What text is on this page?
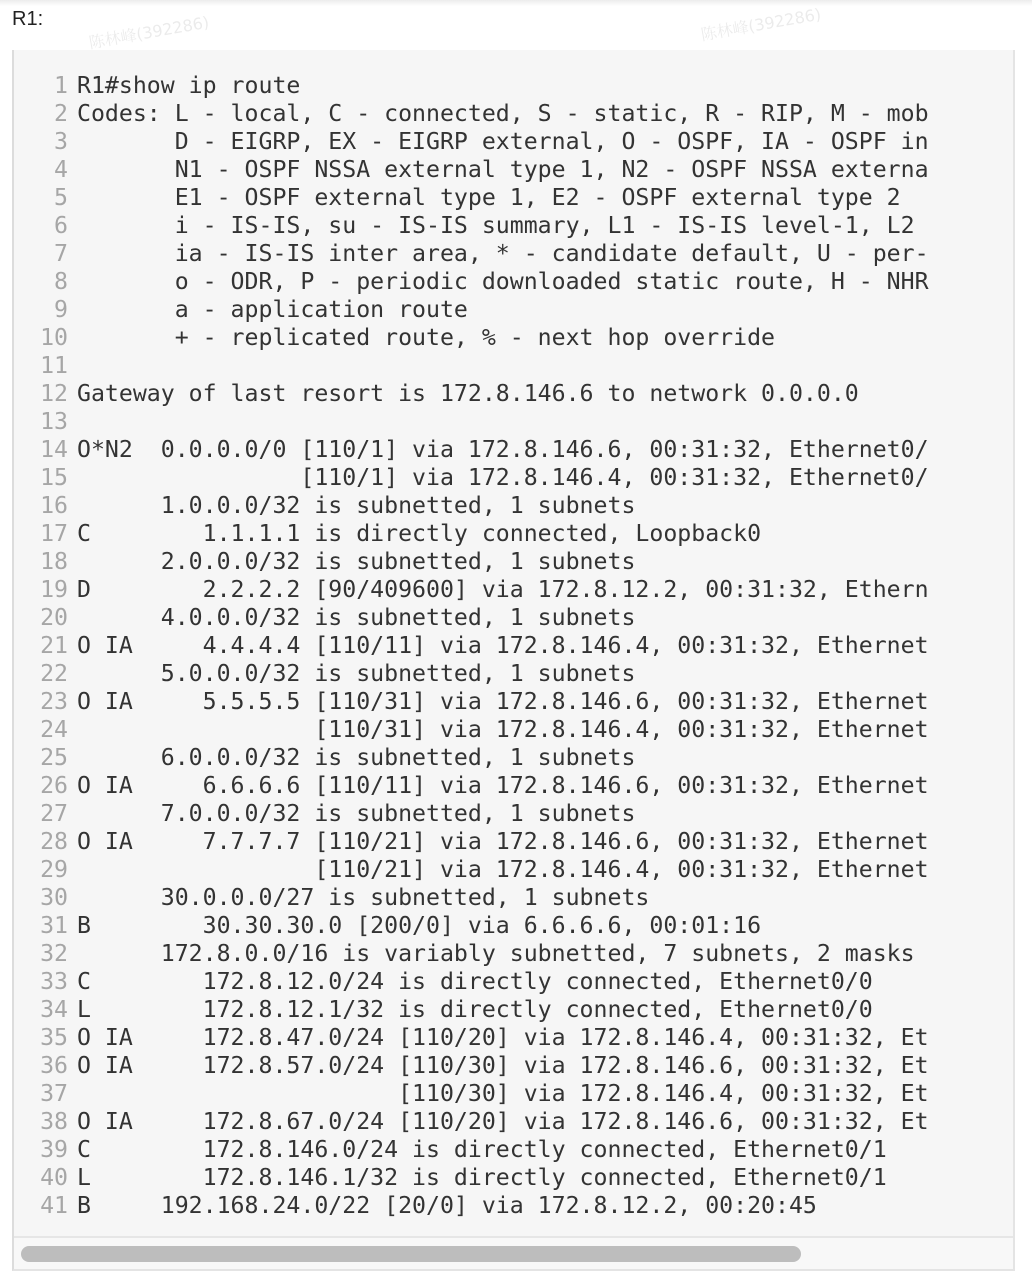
R1:	陈林峰(392286)	陈林峰(392286)
1 R1#show ip route
2 Codes: L - local, C - connected, S - static, R - RIP, M - mob
3 D - EIGRP, EX - EIGRP external, O - OSPF, IA - OSPF in
4 N1 - OSPF NSSA external type 1, N2 - OSPF NSSA externa
5 E1 - OSPF external type 1, E2 - OSPF external type 2
6 i - IS-IS, su - IS-IS summary, L1 - IS-IS level-1, L2
7 ia - IS-IS inter area, * - candidate default, U - per-
8 o - ODR, P - periodic downloaded static route, H - NHR
9 a - application route
10 + - replicated route, % - next hop override
11
12 Gateway of last resort is 172.8.146.6 to network 0.0.0.0
13
14 O*N2  0.0.0.0/0 [110/1] via 172.8.146.6, 00:31:32, Ethernet0/
15 [110/1] via 172.8.146.4, 00:31:32, Ethernet0/
16 1.0.0.0/32 is subnetted, 1 subnets
17 C        1.1.1.1 is directly connected, Loopback0
18 2.0.0.0/32 is subnetted, 1 subnets
19 D        2.2.2.2 [90/409600] via 172.8.12.2, 00:31:32, Ethern
20 4.0.0.0/32 is subnetted, 1 subnets
21 O IA     4.4.4.4 [110/11] via 172.8.146.4, 00:31:32, Ethernet
22 5.0.0.0/32 is subnetted, 1 subnets
23 O IA     5.5.5.5 [110/31] via 172.8.146.6, 00:31:32, Ethernet
24 [110/31] via 172.8.146.4, 00:31:32, Ethernet
25 6.0.0.0/32 is subnetted, 1 subnets
26 O IA     6.6.6.6 [110/11] via 172.8.146.6, 00:31:32, Ethernet
27 7.0.0.0/32 is subnetted, 1 subnets
28 O IA     7.7.7.7 [110/21] via 172.8.146.6, 00:31:32, Ethernet
29 [110/21] via 172.8.146.4, 00:31:32, Ethernet
30 30.0.0.0/27 is subnetted, 1 subnets
31 B        30.30.30.0 [200/0] via 6.6.6.6, 00:01:16
32 172.8.0.0/16 is variably subnetted, 7 subnets, 2 masks
33 C        172.8.12.0/24 is directly connected, Ethernet0/0
34 L        172.8.12.1/32 is directly connected, Ethernet0/0
35 O IA     172.8.47.0/24 [110/20] via 172.8.146.4, 00:31:32, Et
36 O IA     172.8.57.0/24 [110/30] via 172.8.146.6, 00:31:32, Et
37 [110/30] via 172.8.146.4, 00:31:32, Et
38 O IA     172.8.67.0/24 [110/20] via 172.8.146.6, 00:31:32, Et
39 C        172.8.146.0/24 is directly connected, Ethernet0/1
40 L        172.8.146.1/32 is directly connected, Ethernet0/1
41 B     192.168.24.0/22 [20/0] via 172.8.12.2, 00:20:45
